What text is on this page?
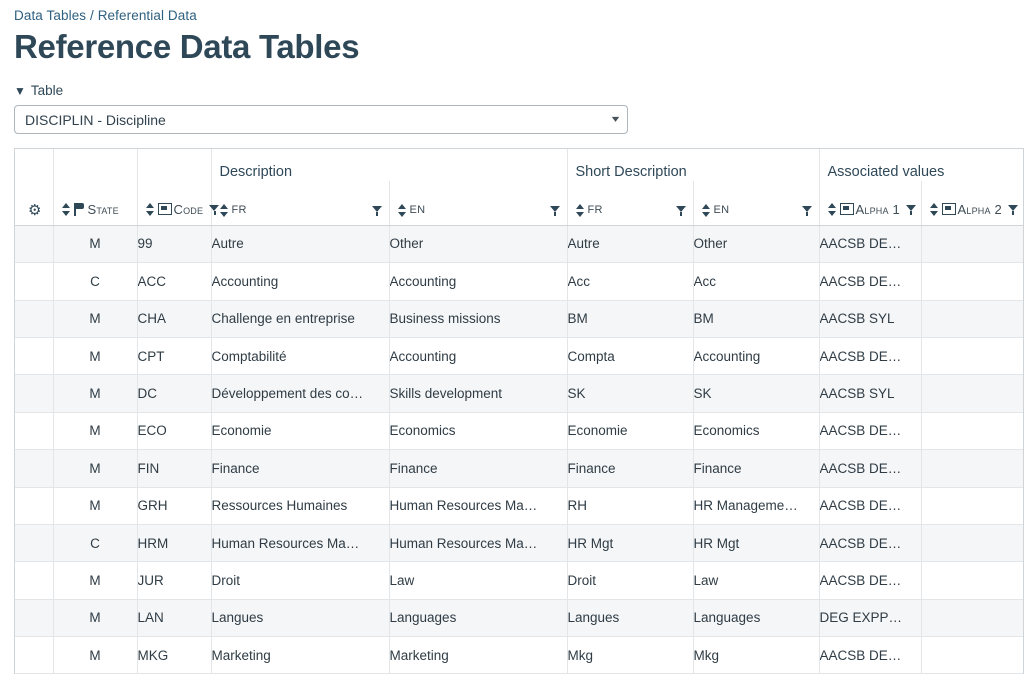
Data Tables / Referential Data
Reference Data Tables
▼ Table
DISCIPLIN - Discipline	▾
			Description		Short Description		Associated values	

⚙	State	Code	FR	EN	FR	EN	Alpha 1	Alpha 2

	M	99	Autre	Other	Autre	Other	AACSB DE…	
	C	ACC	Accounting	Accounting	Acc	Acc	AACSB DE…	
	M	CHA	Challenge en entreprise	Business missions	BM	BM	AACSB SYL	
	M	CPT	Comptabilité	Accounting	Compta	Accounting	AACSB DE…	
	M	DC	Développement des co…	Skills development	SK	SK	AACSB SYL	
	M	ECO	Economie	Economics	Economie	Economics	AACSB DE…	
	M	FIN	Finance	Finance	Finance	Finance	AACSB DE…	
	M	GRH	Ressources Humaines	Human Resources Ma…	RH	HR Manageme…	AACSB DE…	
	C	HRM	Human Resources Ma…	Human Resources Ma…	HR Mgt	HR Mgt	AACSB DE…	
	M	JUR	Droit	Law	Droit	Law	AACSB DE…	
	M	LAN	Langues	Languages	Langues	Languages	DEG EXPP…	
	M	MKG	Marketing	Marketing	Mkg	Mkg	AACSB DE…	
